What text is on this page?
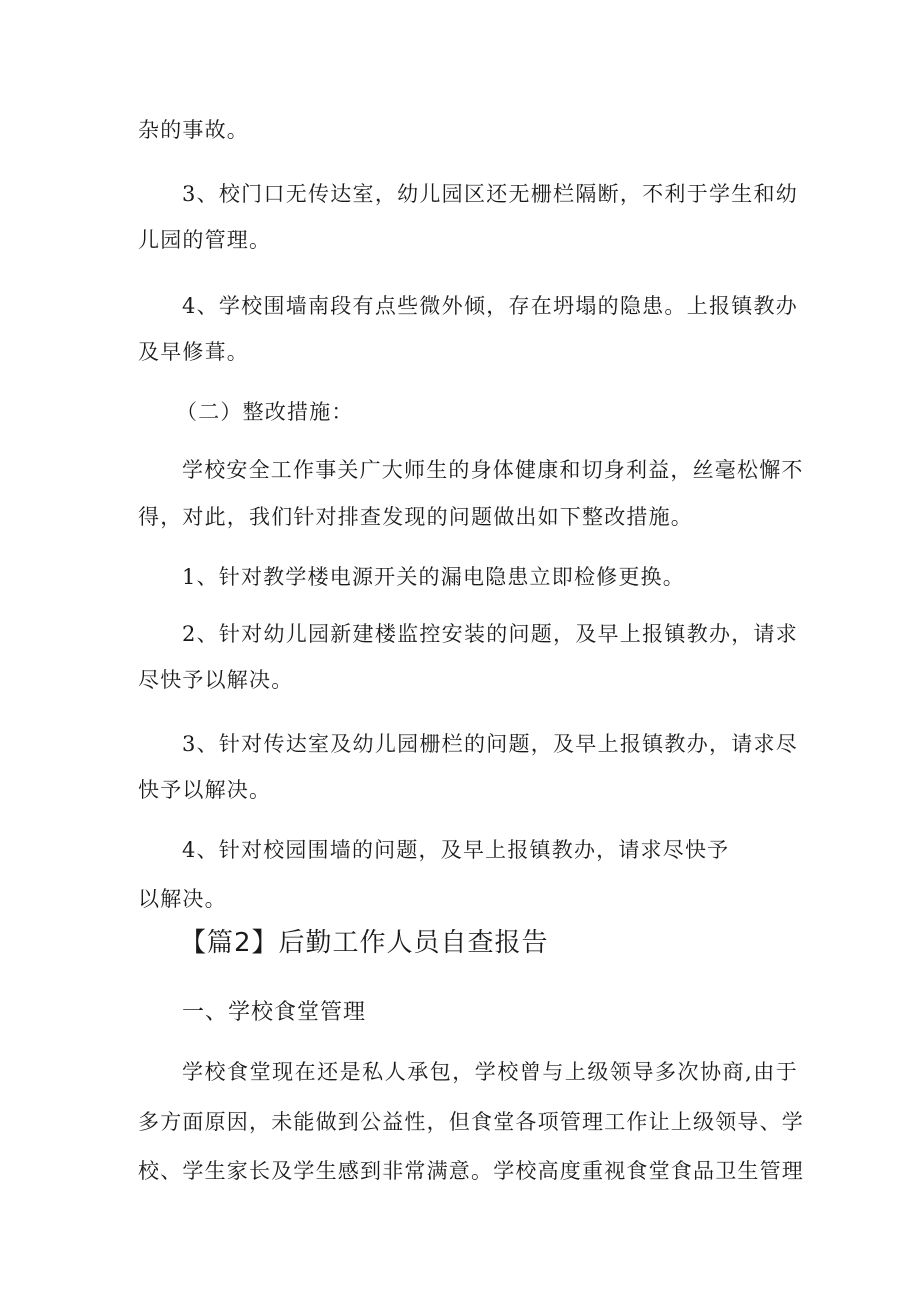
杂的事故。
3、校门口无传达室，幼儿园区还无栅栏隔断，不利于学生和幼
儿园的管理。
4、学校围墙南段有点些微外倾，存在坍塌的隐患。上报镇教办
及早修葺。
（二）整改措施：
学校安全工作事关广大师生的身体健康和切身利益，丝毫松懈不
得，对此，我们针对排查发现的问题做出如下整改措施。
1、针对教学楼电源开关的漏电隐患立即检修更换。
2、针对幼儿园新建楼监控安装的问题，及早上报镇教办，请求
尽快予以解决。
3、针对传达室及幼儿园栅栏的问题，及早上报镇教办，请求尽
快予以解决。
4、针对校园围墙的问题，及早上报镇教办，请求尽快予
以解决。
【篇2】后勤工作人员自查报告
一、学校食堂管理
学校食堂现在还是私人承包，学校曾与上级领导多次协商,由于
多方面原因，未能做到公益性，但食堂各项管理工作让上级领导、学
校、学生家长及学生感到非常满意。学校高度重视食堂食品卫生管理
